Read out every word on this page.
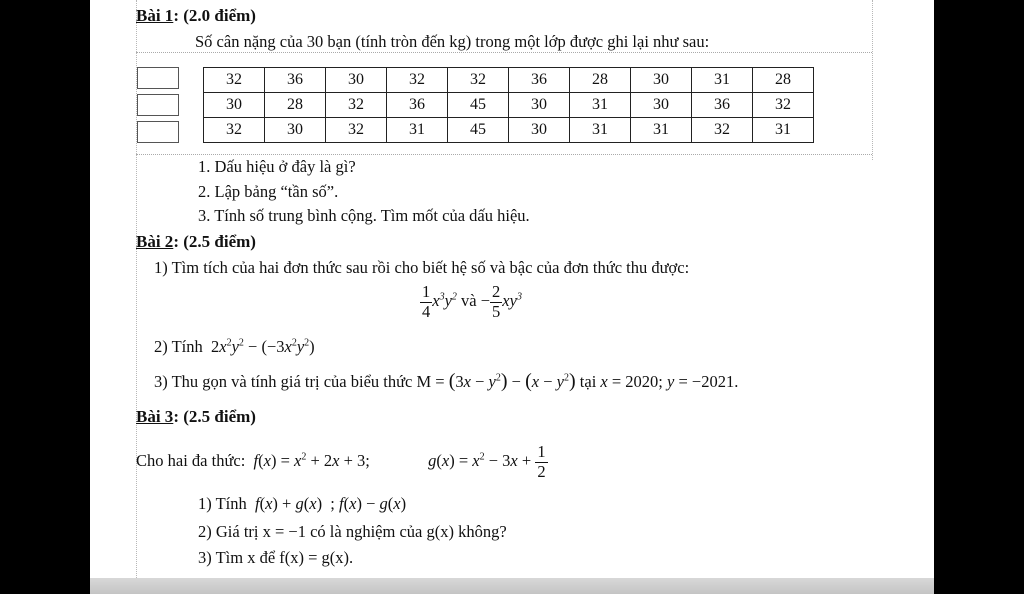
Bài 1: (2.0 điểm)
Số cân nặng của 30 bạn (tính tròn đến kg) trong một lớp được ghi lại như sau:
32	36	30	32	32	36	28	30	31	28
30	28	32	36	45	30	31	30	36	32
32	30	32	31	45	30	31	31	32	31
1. Dấu hiệu ở đây là gì?
2. Lập bảng “tần số”.
3. Tính số trung bình cộng. Tìm mốt của dấu hiệu.
Bài 2: (2.5 điểm)
1) Tìm tích của hai đơn thức sau rồi cho biết hệ số và bậc của đơn thức thu được:
$\frac{1}{4} x^3y^2$ và − $\frac{2}{5} xy^3$
2) Tính $2x^2y^2 - (-3x^2y^2)$
3) Thu gọn và tính giá trị của biểu thức $M = (3x - y^2) - (x - y^2)$ tại x = 2020; y = −2021.
Bài 3: (2.5 điểm)
Cho hai đa thức: $f(x) = x^2 + 2x + 3$;	$g(x) = x^2 - 3x + \frac{1}{2}$
1) Tính f(x) + g(x)  ; f(x) − g(x)
2) Giá trị x = −1 có là nghiệm của g(x) không?
3) Tìm x để f(x) = g(x).
